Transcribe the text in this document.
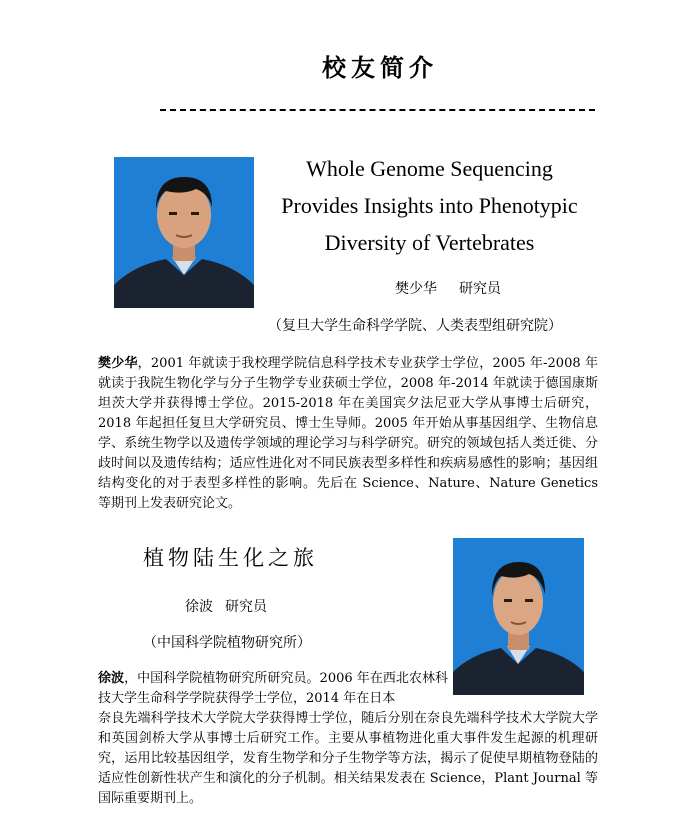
校友简介
Whole Genome Sequencing
Provides Insights into Phenotypic
Diversity of Vertebrates
樊少华 研究员
（复旦大学生命科学学院、人类表型组研究院）
樊少华，2001 年就读于我校理学院信息科学技术专业获学士学位，2005 年-2008 年就读于我院生物化学与分子生物学专业获硕士学位，2008 年-2014 年就读于德国康斯坦茨大学并获得博士学位。2015-2018 年在美国宾夕法尼亚大学从事博士后研究，2018 年起担任复旦大学研究员、博士生导师。2005 年开始从事基因组学、生物信息学、系统生物学以及遗传学领域的理论学习与科学研究。研究的领域包括人类迁徙、分歧时间以及遗传结构；适应性进化对不同民族表型多样性和疾病易感性的影响；基因组结构变化的对于表型多样性的影响。先后在 Science、Nature、Nature Genetics 等期刊上发表研究论文。
植物陆生化之旅
徐波 研究员
（中国科学院植物研究所）
徐波，中国科学院植物研究所研究员。2006 年在西北农林科技大学生命科学学院获得学士学位，2014 年在日本
奈良先端科学技术大学院大学获得博士学位，随后分别在奈良先端科学技术大学院大学和英国剑桥大学从事博士后研究工作。主要从事植物进化重大事件发生起源的机理研究，运用比较基因组学，发育生物学和分子生物学等方法，揭示了促使早期植物登陆的适应性创新性状产生和演化的分子机制。相关结果发表在 Science，Plant Journal 等国际重要期刊上。
